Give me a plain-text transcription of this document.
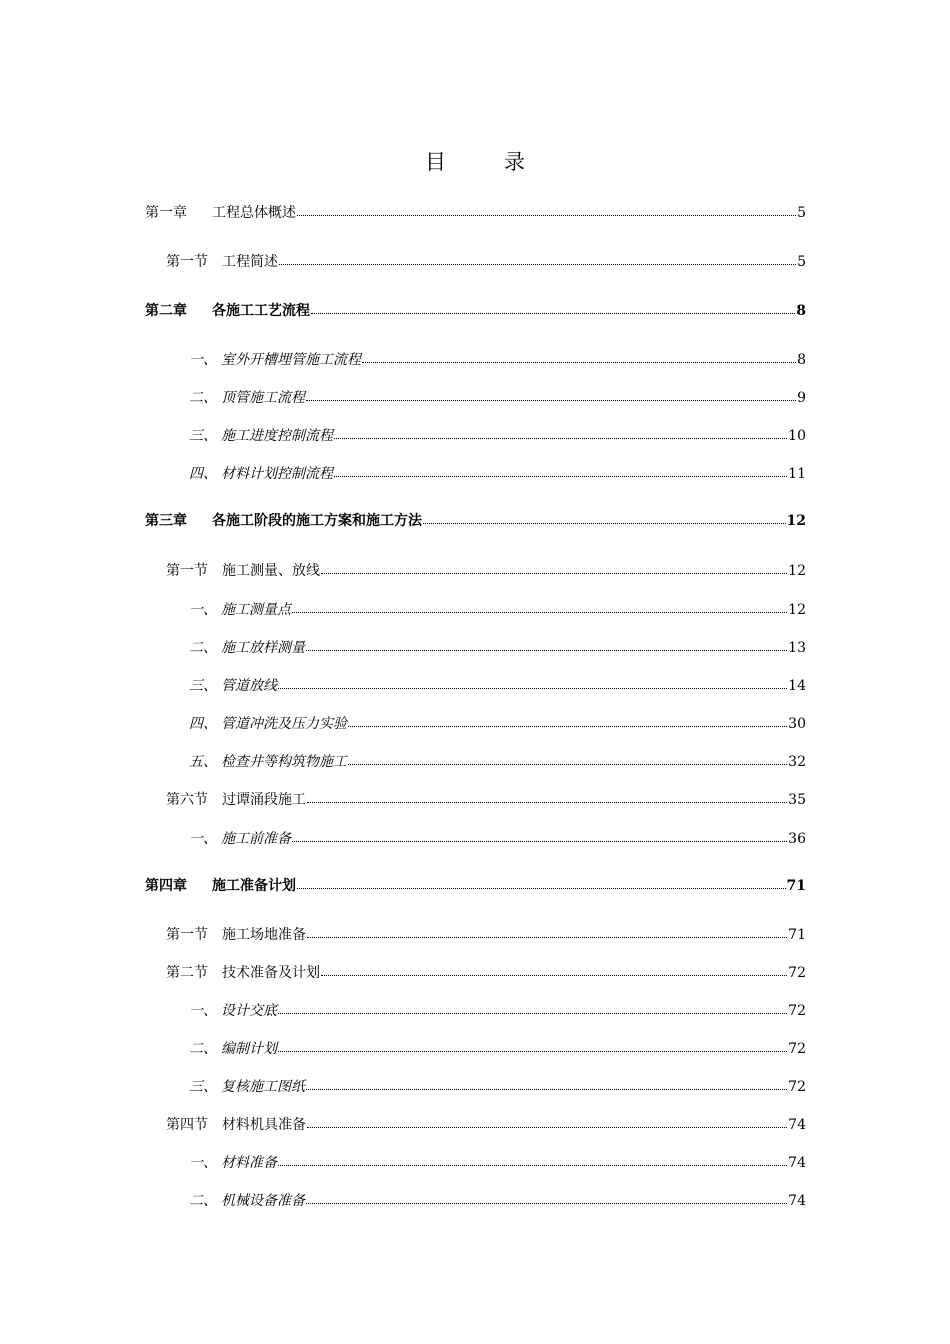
目	录
第一章	工程总体概述	5
第一节	工程简述	5
第二章	各施工工艺流程	8
一、 室外开槽埋管施工流程	8
二、 顶管施工流程	9
三、 施工进度控制流程	10
四、 材料计划控制流程	11
第三章	各施工阶段的施工方案和施工方法	12
第一节	施工测量、放线	12
一、 施工测量点	12
二、 施工放样测量	13
三、 管道放线	14
四、 管道冲洗及压力实验	30
五、 检查井等构筑物施工	32
第六节	过谭涌段施工	35
一、 施工前准备	36
第四章	施工准备计划	71
第一节	施工场地准备	71
第二节	技术准备及计划	72
一、 设计交底	72
二、 编制计划	72
三、 复核施工图纸	72
第四节	材料机具准备	74
一、 材料准备	74
二、 机械设备准备	74
